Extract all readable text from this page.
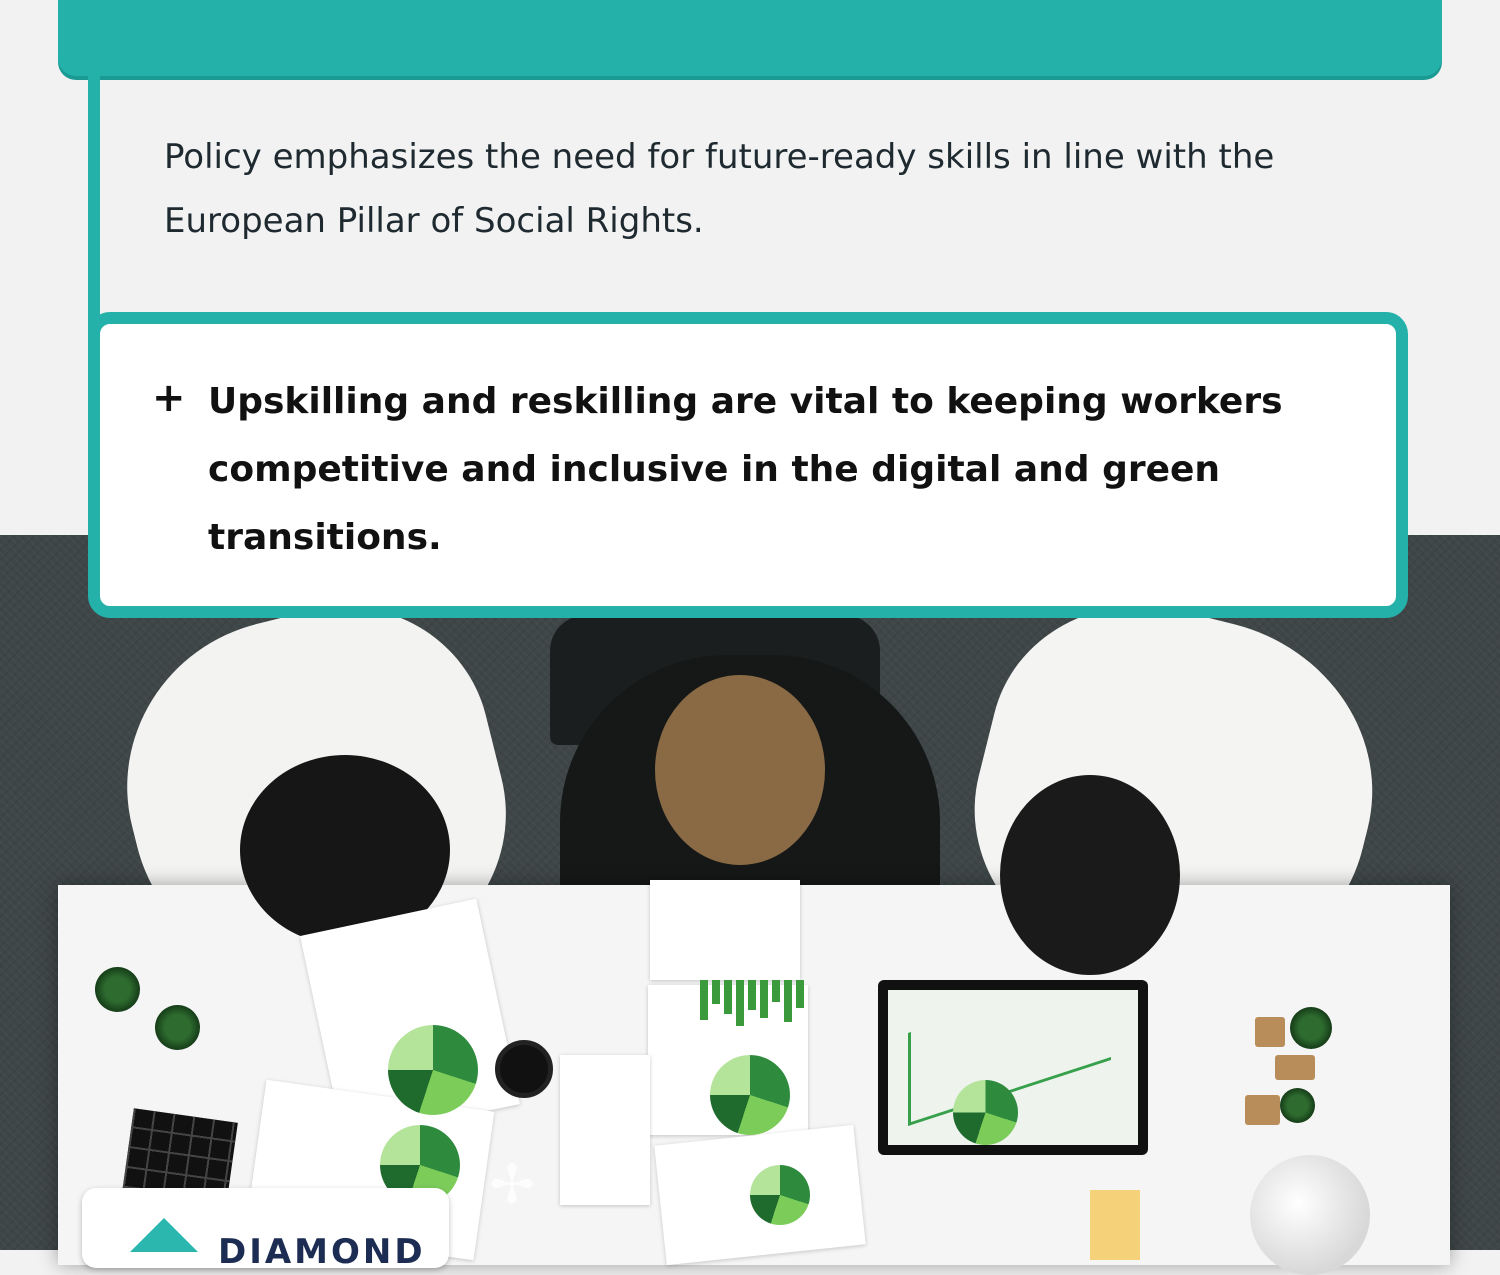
✢

Policy emphasizes the need for future-ready skills in line with the European Pillar of Social Rights.

+ Upskilling and reskilling are vital to keeping workers competitive and inclusive in the digital and green transitions.

DIAMOND
